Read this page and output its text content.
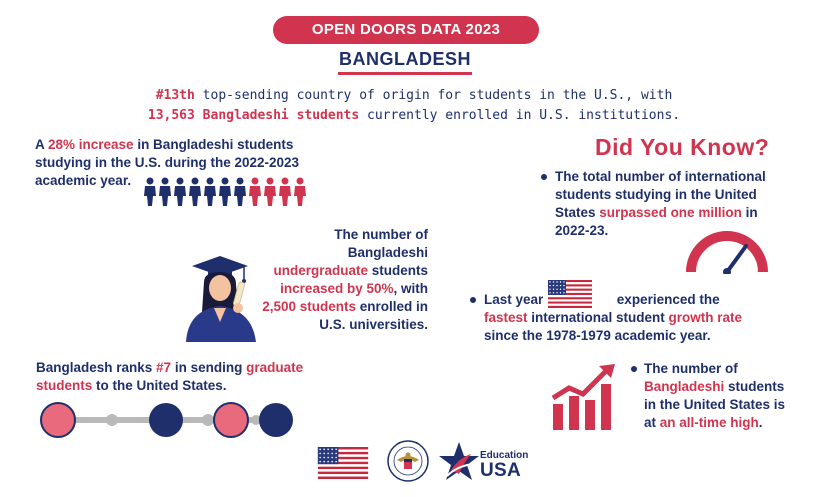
OPEN DOORS DATA 2023
BANGLADESH
#13th top-sending country of origin for students in the U.S., with
13,563 Bangladeshi students currently enrolled in U.S. institutions.
A 28% increase in Bangladeshi students studying in the U.S. during the 2022-2023 academic year.
The number of Bangladeshi undergraduate students increased by 50%, with 2,500 students enrolled in U.S. universities.
Bangladesh ranks #7 in sending graduate students to the United States.
Did You Know?
The total number of international students studying in the United States surpassed one million in 2022-23.
Last year	experienced the
fastest international student growth rate since the 1978-1979 academic year.
The number of Bangladeshi students in the United States is at an all-time high.
Education
USA
